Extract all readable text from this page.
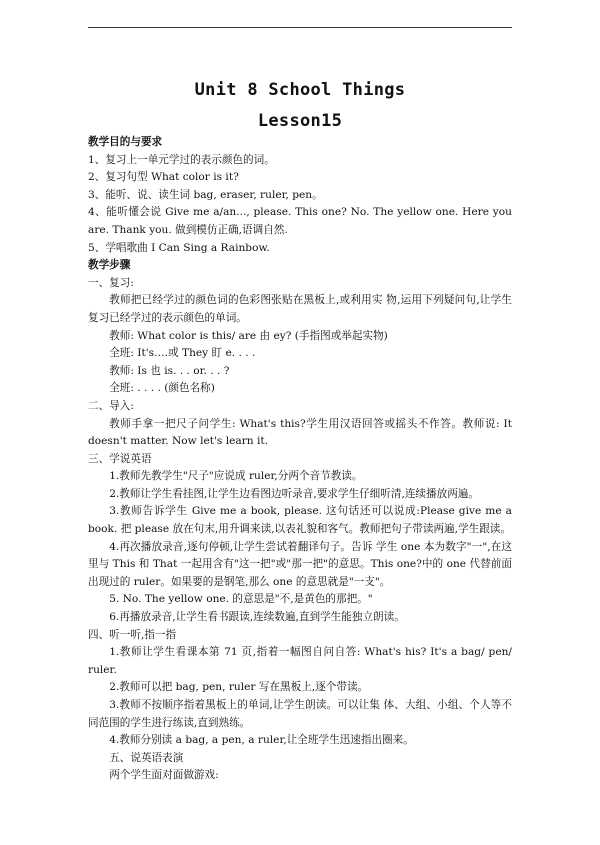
Unit 8 School Things
Lesson15

教学目的与要求

1、复习上一单元学过的表示颜色的词。

2、复习句型 What color is it?

3、能听、说、读生词 bag, eraser, ruler, pen。

4、能听懂会说 Give me a/an..., please. This one? No. The yellow one. Here you are. Thank you. 做到模仿正确,语调自然.

5、学唱歌曲 I Can Sing a Rainbow.

教学步骤

一、复习:

教师把已经学过的颜色词的色彩图张贴在黑板上,或利用实 物,运用下列疑问句,让学生复习已经学过的表示颜色的单词。

教师: What color is this/ are 由 ey? (手指图或举起实物)

全班: It's.…或 They 盯 e. . . .

教师: Is 也 is. . . or. . . ?

全班: . . . . (颜色名称)

二、导入:

教师手拿一把尺子问学生: What's this?学生用汉语回答或摇头不作答。教师说: It doesn't matter. Now let's learn it.

三、学说英语

1.教师先教学生"尺子"应说成 ruler,分两个音节教读。

2.教师让学生看挂图,让学生边看图边听录音,要求学生仔细听清,连续播放两遍。

3.教师告诉学生 Give me a book, please. 这句话还可以说成:Please give me a book. 把 please 放在句末,用升调来读,以表礼貌和客气。教师把句子带读两遍,学生跟读。

4.再次播放录音,逐句停顿,让学生尝试着翻译句子。告诉 学生 one 本为数字"一",在这里与 This 和 That 一起用含有"这一把"或"那一把"的意思。This one?中的 one 代替前面出现过的 ruler。如果要的是钢笔,那么 one 的意思就是"一支"。

5. No. The yellow one. 的意思是"不,是黄色的那把。"

6.再播放录音,让学生看书跟读,连续数遍,直到学生能独立朗读。

四、听一听,指一指

1.教师让学生看课本第 71 页,指着一幅图自问自答: What's his? It's a bag/ pen/ ruler.

2.教师可以把 bag, pen, ruler 写在黑板上,逐个带读。

3.教师不按顺序指着黑板上的单词,让学生朗读。可以让集 体、大组、小组、个人等不同范围的学生进行练读,直到熟练。

4.教师分别读 a bag, a pen, a ruler,让全班学生迅速指出圈来。

五、说英语表演

两个学生面对面做游戏:
